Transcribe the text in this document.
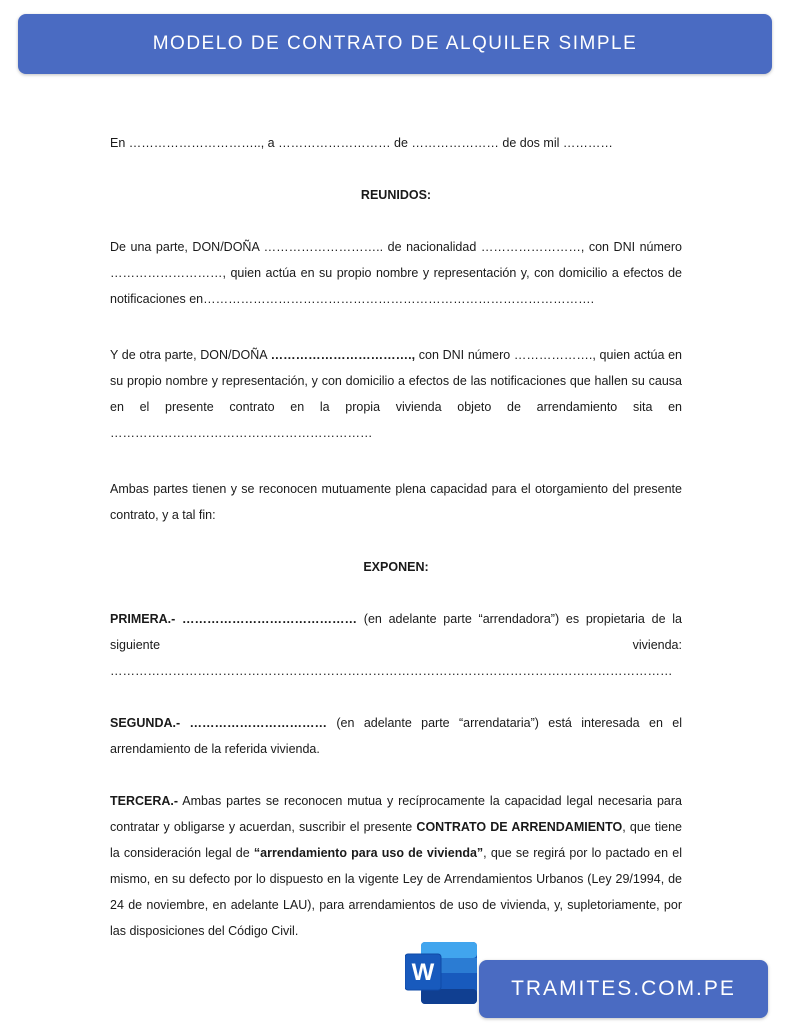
MODELO DE CONTRATO DE ALQUILER SIMPLE

En ………………………….., a ……………………… de ………………… de dos mil …………

REUNIDOS:

De una parte, DON/DOÑA ……………………….. de nacionalidad ……………………, con DNI número ………………………, quien actúa en su propio nombre y representación y, con domicilio a efectos de notificaciones en………………………………………………………………………………….

Y de otra parte, DON/DOÑA ……………………………., con DNI número ………………., quien actúa en su propio nombre y representación, y con domicilio a efectos de las notificaciones que hallen su causa en el presente contrato en la propia vivienda objeto de arrendamiento sita en ………………………………………………………

Ambas partes tienen y se reconocen mutuamente plena capacidad para el otorgamiento del presente contrato, y a tal fin:

EXPONEN:

PRIMERA.- …………………………………… (en adelante parte “arrendadora”) es propietaria de la siguiente vivienda: ………………………………………………………………………………………………………………………

SEGUNDA.- …………………………… (en adelante parte “arrendataria”) está interesada en el arrendamiento de la referida vivienda.

TERCERA.- Ambas partes se reconocen mutua y recíprocamente la capacidad legal necesaria para contratar y obligarse y acuerdan, suscribir el presente CONTRATO DE ARRENDAMIENTO, que tiene la consideración legal de “arrendamiento para uso de vivienda”, que se regirá por lo pactado en el mismo, en su defecto por lo dispuesto en la vigente Ley de Arrendamientos Urbanos (Ley 29/1994, de 24 de noviembre, en adelante LAU), para arrendamientos de uso de vivienda, y, supletoriamente, por las disposiciones del Código Civil.

W
TRAMITES.COM.PE
